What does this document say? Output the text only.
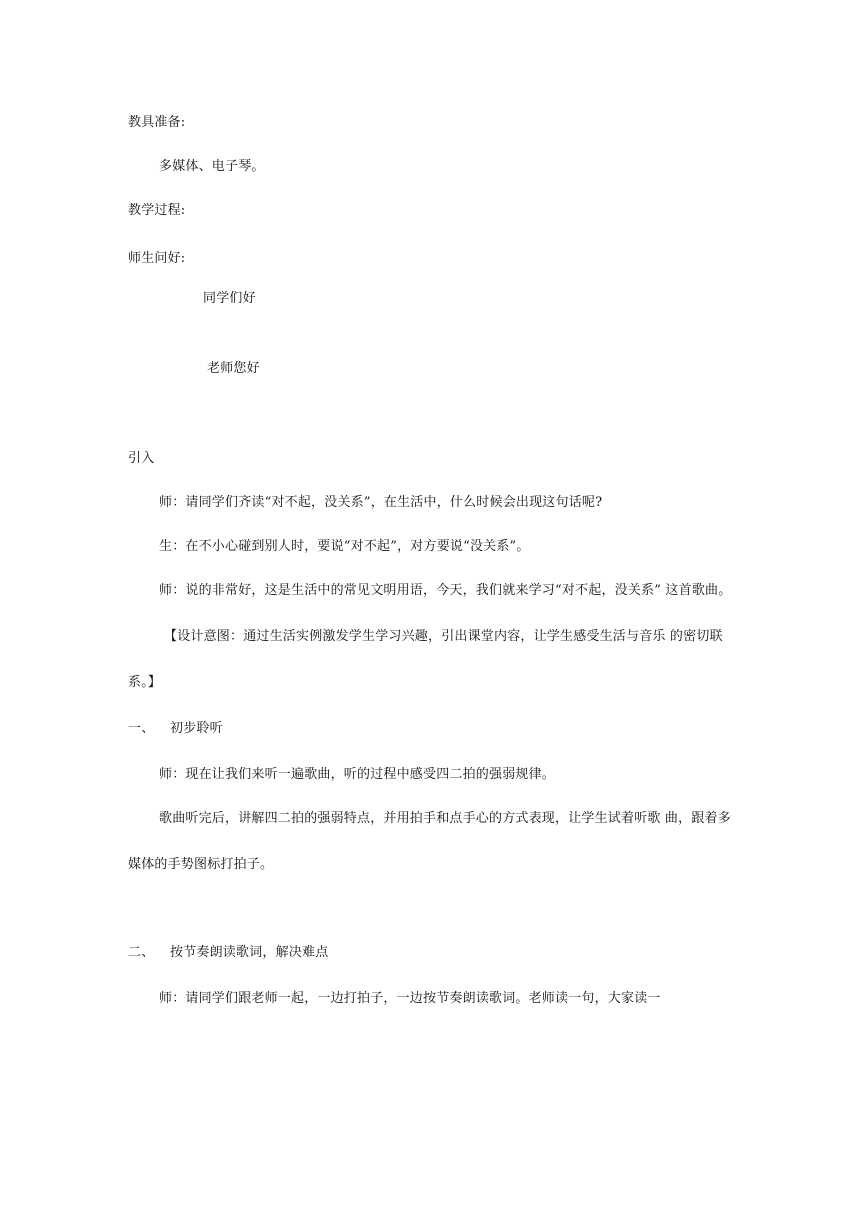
教具准备:
多媒体、电子琴。
教学过程:
师生问好:
同学们好
老师您好
引入
师：请同学们齐读“对不起，没关系”，在生活中，什么时候会出现这句话呢?
生：在不小心碰到别人时，要说“对不起”，对方要说“没关系”。
师：说的非常好，这是生活中的常见文明用语，今天，我们就来学习“对不起，没关系” 这首歌曲。
【设计意图：通过生活实例激发学生学习兴趣，引出课堂内容，让学生感受生活与音乐 的密切联
系。】
一、 初步聆听
师：现在让我们来听一遍歌曲，听的过程中感受四二拍的强弱规律。
歌曲听完后，讲解四二拍的强弱特点，并用拍手和点手心的方式表现，让学生试着听歌 曲，跟着多
媒体的手势图标打拍子。
二、 按节奏朗读歌词，解决难点
师：请同学们跟老师一起，一边打拍子，一边按节奏朗读歌词。老师读一句，大家读一
